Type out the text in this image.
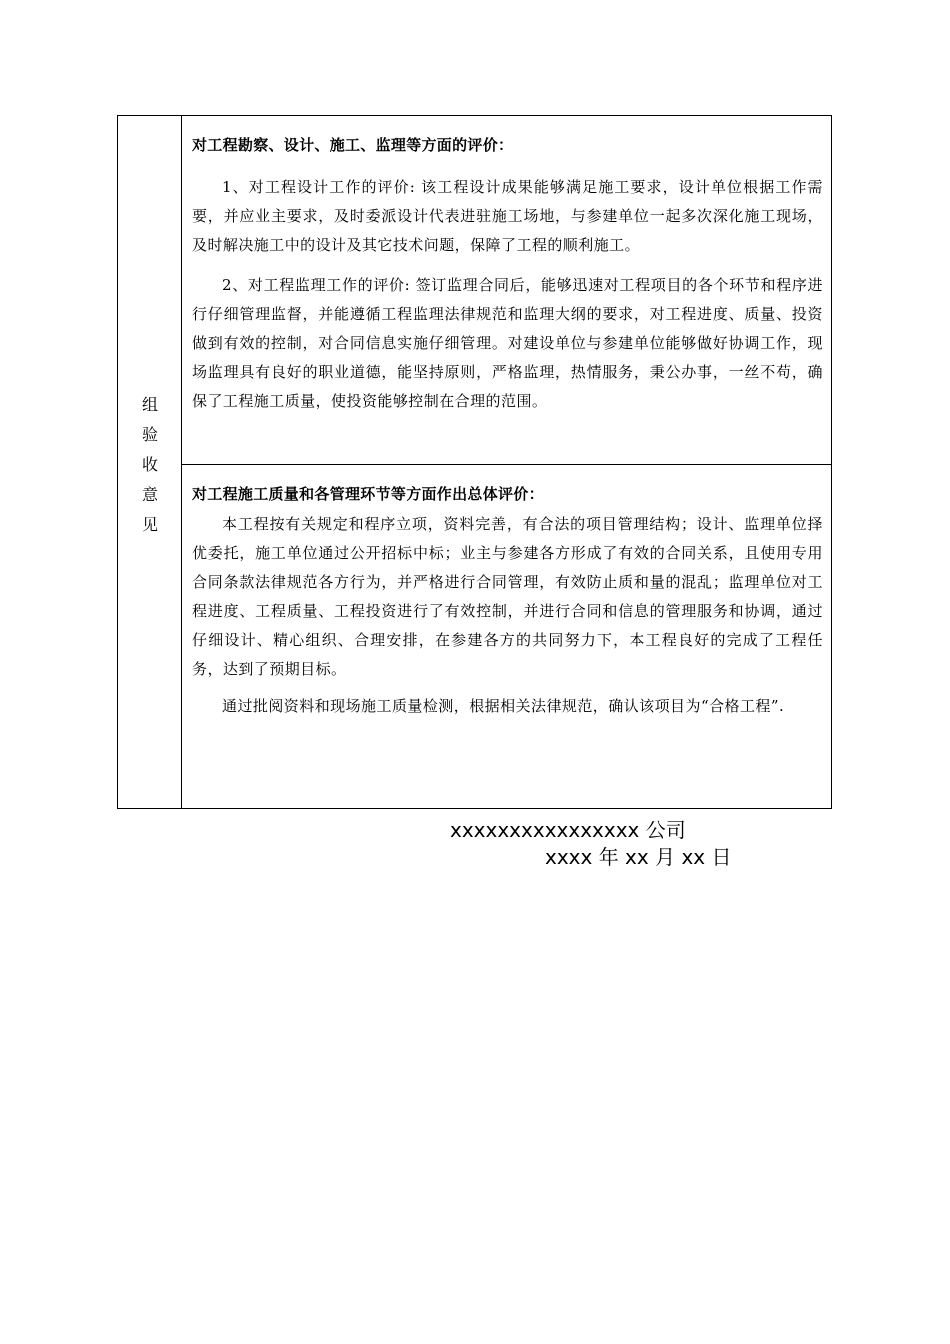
组
验
收
意
见
对工程勘察、设计、施工、监理等方面的评价：

1、对工程设计工作的评价: 该工程设计成果能够满足施工要求，设计单位根据工作需要，并应业主要求，及时委派设计代表进驻施工场地，与参建单位一起多次深化施工现场，及时解决施工中的设计及其它技术问题，保障了工程的顺利施工。

2、对工程监理工作的评价: 签订监理合同后，能够迅速对工程项目的各个环节和程序进行仔细管理监督，并能遵循工程监理法律规范和监理大纲的要求，对工程进度、质量、投资做到有效的控制，对合同信息实施仔细管理。对建设单位与参建单位能够做好协调工作，现场监理具有良好的职业道德，能坚持原则，严格监理，热情服务，秉公办事，一丝不苟，确保了工程施工质量，使投资能够控制在合理的范围。

对工程施工质量和各管理环节等方面作出总体评价：

本工程按有关规定和程序立项，资料完善，有合法的项目管理结构；设计、监理单位择优委托，施工单位通过公开招标中标；业主与参建各方形成了有效的合同关系，且使用专用合同条款法律规范各方行为，并严格进行合同管理，有效防止质和量的混乱；监理单位对工程进度、工程质量、工程投资进行了有效控制，并进行合同和信息的管理服务和协调，通过仔细设计、精心组织、合理安排，在参建各方的共同努力下，本工程良好的完成了工程任务，达到了预期目标。

通过批阅资料和现场施工质量检测，根据相关法律规范，确认该项目为“合格工程”.

xxxxxxxxxxxxxxxx 公司
xxxx 年 xx 月 xx 日
